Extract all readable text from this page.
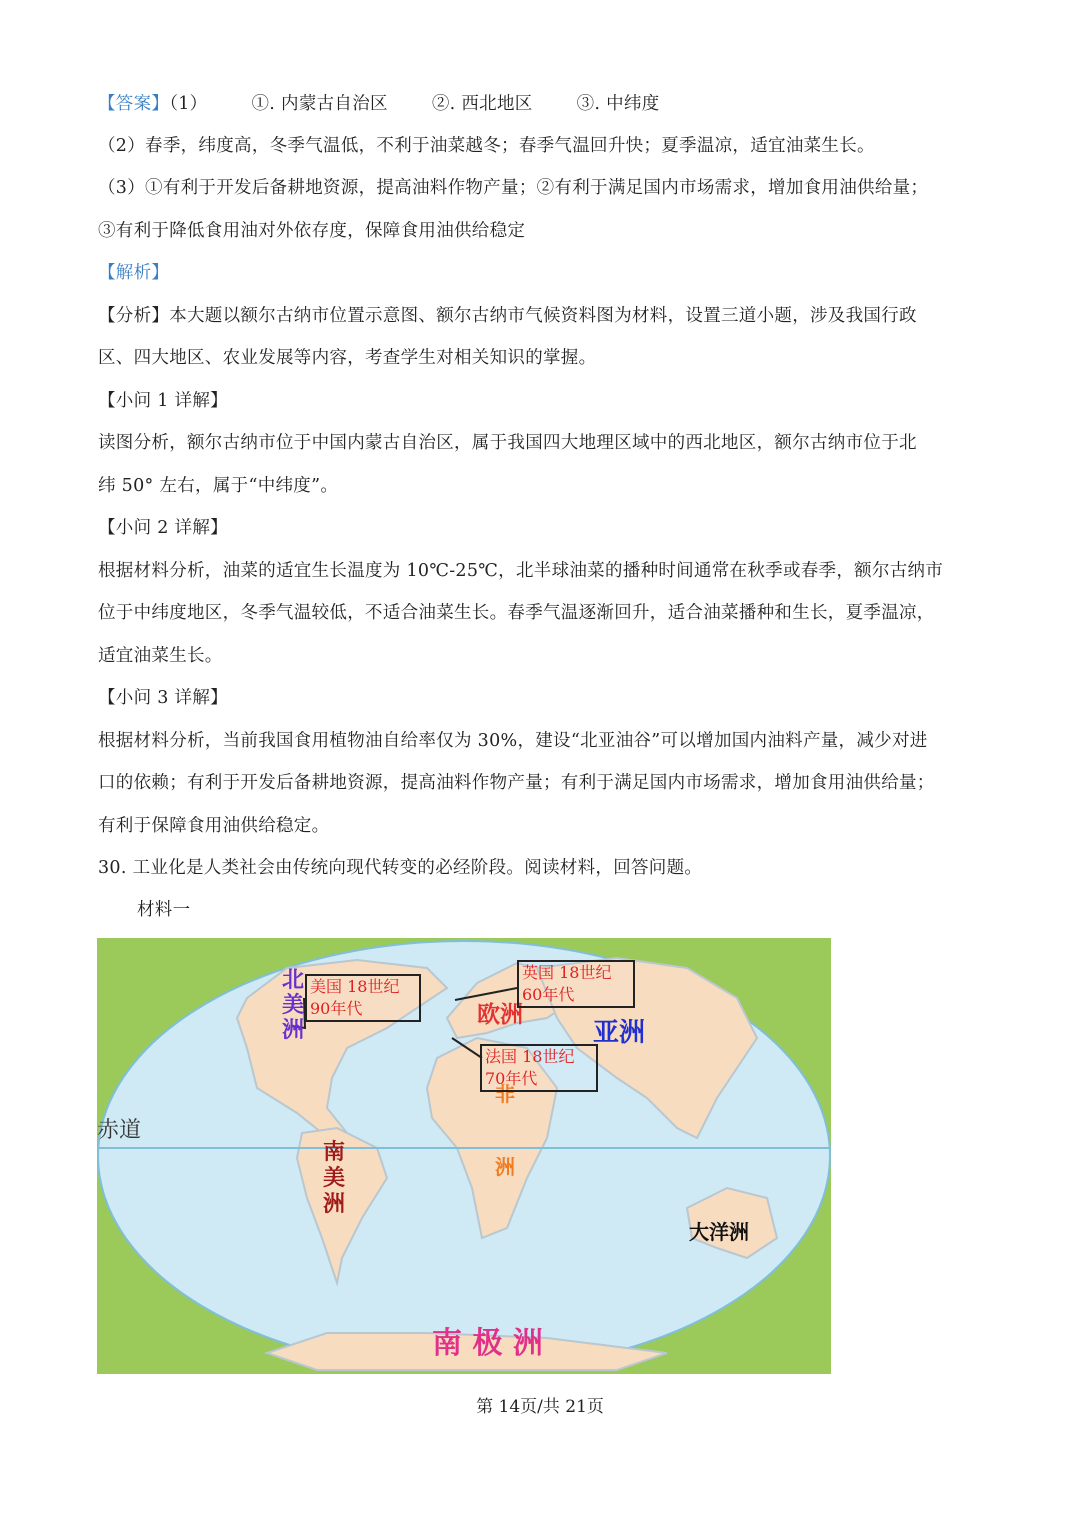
【答案】（1）	①. 内蒙古自治区	②. 西北地区	③. 中纬度
（2）春季，纬度高，冬季气温低，不利于油菜越冬；春季气温回升快；夏季温凉，适宜油菜生长。
（3）①有利于开发后备耕地资源，提高油料作物产量；②有利于满足国内市场需求，增加食用油供给量；
③有利于降低食用油对外依存度，保障食用油供给稳定
【解析】
【分析】本大题以额尔古纳市位置示意图、额尔古纳市气候资料图为材料，设置三道小题，涉及我国行政
区、四大地区、农业发展等内容，考查学生对相关知识的掌握。
【小问 1 详解】
读图分析，额尔古纳市位于中国内蒙古自治区，属于我国四大地理区域中的西北地区，额尔古纳市位于北
纬 50° 左右，属于“中纬度”。
【小问 2 详解】
根据材料分析，油菜的适宜生长温度为 10℃-25℃，北半球油菜的播种时间通常在秋季或春季，额尔古纳市
位于中纬度地区，冬季气温较低，不适合油菜生长。春季气温逐渐回升，适合油菜播种和生长，夏季温凉，
适宜油菜生长。
【小问 3 详解】
根据材料分析，当前我国食用植物油自给率仅为 30%，建设“北亚油谷”可以增加国内油料产量，减少对进
口的依赖；有利于开发后备耕地资源，提高油料作物产量；有利于满足国内市场需求，增加食用油供给量；
有利于保障食用油供给稳定。
30. 工业化是人类社会由传统向现代转变的必经阶段。阅读材料，回答问题。
材料一
赤道
北
美
洲
南
美
洲
欧洲
亚洲
非
洲
大洋洲
南 极 洲
美国 18世纪
90年代
英国 18世纪
60年代
法国 18世纪
70年代
第 14页/共 21页
